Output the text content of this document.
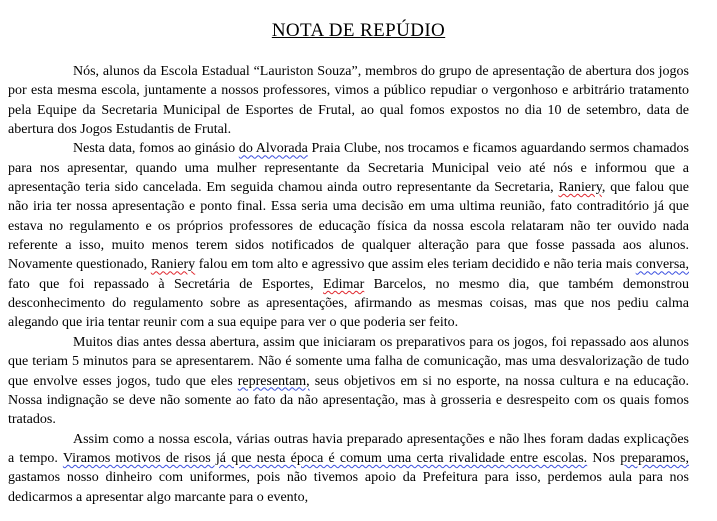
NOTA DE REPÚDIO

Nós, alunos da Escola Estadual “Lauriston Souza”, membros do grupo de apresentação de abertura dos jogos por esta mesma escola, juntamente a nossos professores, vimos a público repudiar o vergonhoso e arbitrário tratamento pela Equipe da Secretaria Municipal de Esportes de Frutal, ao qual fomos expostos no dia 10 de setembro, data de abertura dos Jogos Estudantis de Frutal.

Nesta data, fomos ao ginásio do Alvorada Praia Clube, nos trocamos e ficamos aguardando sermos chamados para nos apresentar, quando uma mulher representante da Secretaria Municipal veio até nós e informou que a apresentação teria sido cancelada. Em seguida chamou ainda outro representante da Secretaria, Raniery, que falou que não iria ter nossa apresentação e ponto final. Essa seria uma decisão em uma ultima reunião, fato contraditório já que estava no regulamento e os próprios professores de educação física da nossa escola relataram não ter ouvido nada referente a isso, muito menos terem sidos notificados de qualquer alteração para que fosse passada aos alunos. Novamente questionado, Raniery falou em tom alto e agressivo que assim eles teriam decidido e não teria mais conversa, fato que foi repassado à Secretária de Esportes, Edimar Barcelos, no mesmo dia, que também demonstrou desconhecimento do regulamento sobre as apresentações, afirmando as mesmas coisas, mas que nos pediu calma alegando que iria tentar reunir com a sua equipe para ver o que poderia ser feito.

Muitos dias antes dessa abertura, assim que iniciaram os preparativos para os jogos, foi repassado aos alunos que teriam 5 minutos para se apresentarem. Não é somente uma falha de comunicação, mas uma desvalorização de tudo que envolve esses jogos, tudo que eles representam, seus objetivos em si no esporte, na nossa cultura e na educação. Nossa indignação se deve não somente ao fato da não apresentação, mas à grosseria e desrespeito com os quais fomos tratados.

Assim como a nossa escola, várias outras havia preparado apresentações e não lhes foram dadas explicações a tempo. Viramos motivos de risos já que nesta época é comum uma certa rivalidade entre escolas. Nos preparamos, gastamos nosso dinheiro com uniformes, pois não tivemos apoio da Prefeitura para isso, perdemos aula para nos dedicarmos a apresentar algo marcante para o evento,
